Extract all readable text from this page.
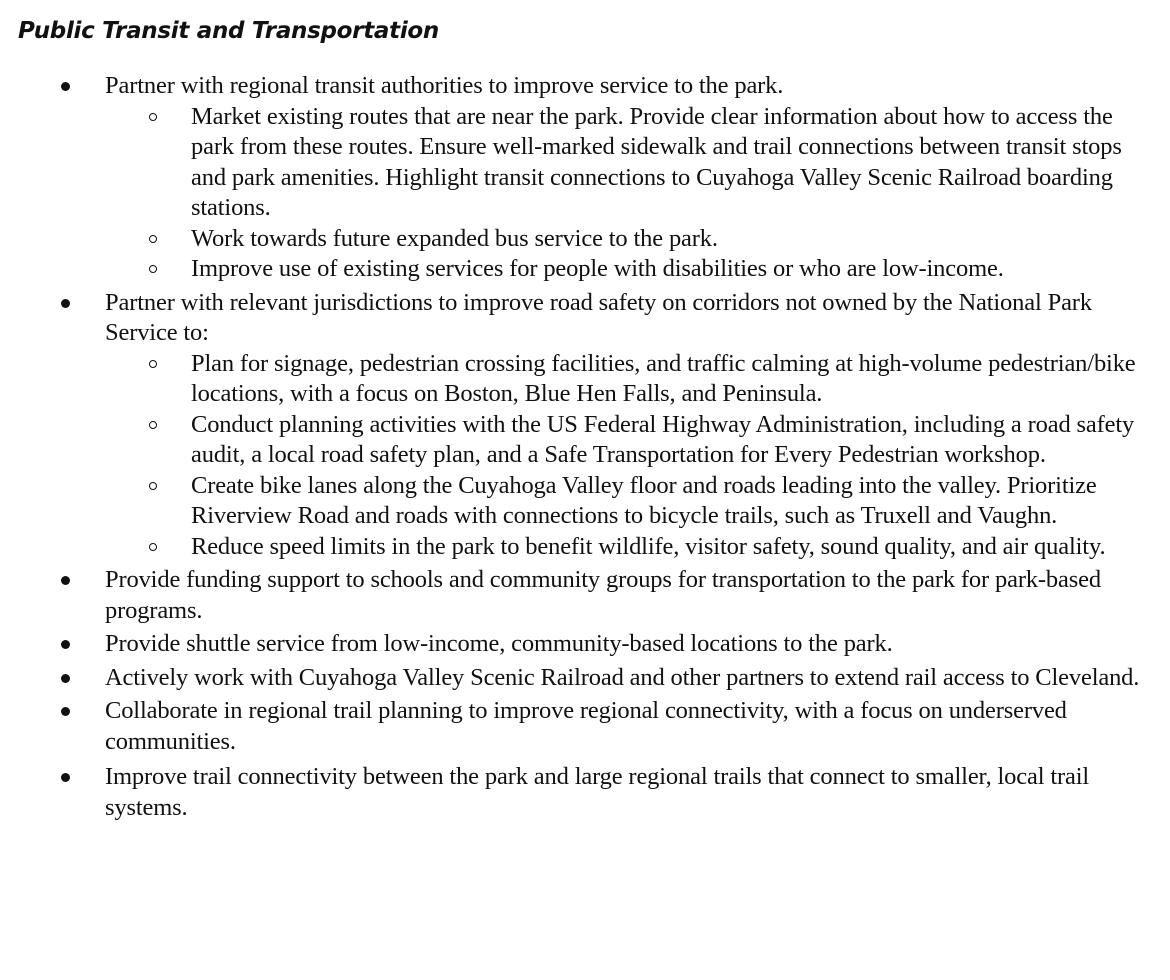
Public Transit and Transportation
Partner with regional transit authorities to improve service to the park.
Market existing routes that are near the park. Provide clear information about how to access the park from these routes. Ensure well-marked sidewalk and trail connections between transit stops and park amenities. Highlight transit connections to Cuyahoga Valley Scenic Railroad boarding stations.
Work towards future expanded bus service to the park.
Improve use of existing services for people with disabilities or who are low-income.
Partner with relevant jurisdictions to improve road safety on corridors not owned by the National Park Service to:
Plan for signage, pedestrian crossing facilities, and traffic calming at high-volume pedestrian/bike locations, with a focus on Boston, Blue Hen Falls, and Peninsula.
Conduct planning activities with the US Federal Highway Administration, including a road safety audit, a local road safety plan, and a Safe Transportation for Every Pedestrian workshop.
Create bike lanes along the Cuyahoga Valley floor and roads leading into the valley. Prioritize Riverview Road and roads with connections to bicycle trails, such as Truxell and Vaughn.
Reduce speed limits in the park to benefit wildlife, visitor safety, sound quality, and air quality.
Provide funding support to schools and community groups for transportation to the park for park-based programs.
Provide shuttle service from low-income, community-based locations to the park.
Actively work with Cuyahoga Valley Scenic Railroad and other partners to extend rail access to Cleveland.
Collaborate in regional trail planning to improve regional connectivity, with a focus on underserved communities.
Improve trail connectivity between the park and large regional trails that connect to smaller, local trail systems.
